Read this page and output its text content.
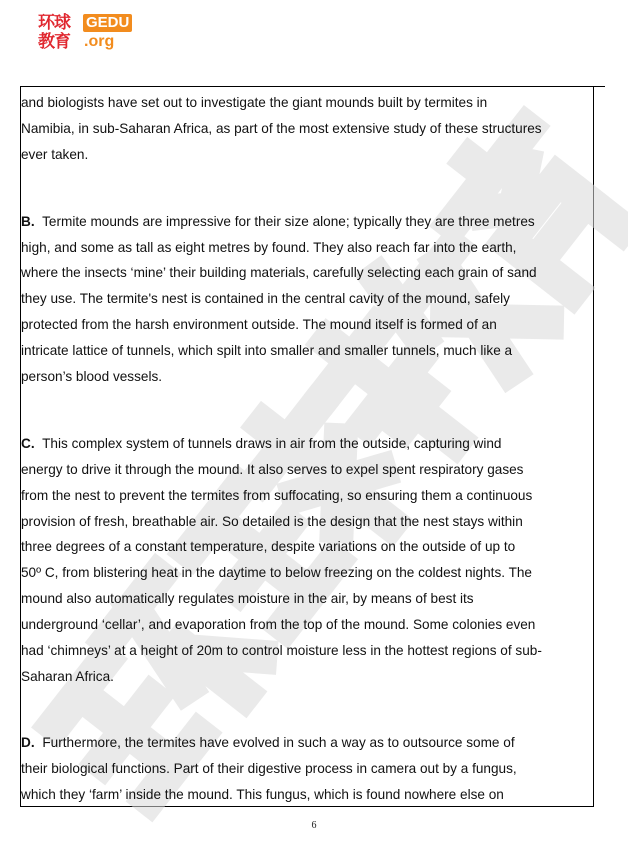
环球
教育
GEDU
.org
and biologists have set out to investigate the giant mounds built by termites in
Namibia, in sub-Saharan Africa, as part of the most extensive study of these structures
ever taken.
B. Termite mounds are impressive for their size alone; typically they are three metres
high, and some as tall as eight metres by found. They also reach far into the earth,
where the insects ‘mine’ their building materials, carefully selecting each grain of sand
they use. The termite's nest is contained in the central cavity of the mound, safely
protected from the harsh environment outside. The mound itself is formed of an
intricate lattice of tunnels, which spilt into smaller and smaller tunnels, much like a
person’s blood vessels.
C. This complex system of tunnels draws in air from the outside, capturing wind
energy to drive it through the mound. It also serves to expel spent respiratory gases
from the nest to prevent the termites from suffocating, so ensuring them a continuous
provision of fresh, breathable air. So detailed is the design that the nest stays within
three degrees of a constant temperature, despite variations on the outside of up to
50º C, from blistering heat in the daytime to below freezing on the coldest nights. The
mound also automatically regulates moisture in the air, by means of best its
underground ‘cellar’, and evaporation from the top of the mound. Some colonies even
had ‘chimneys’ at a height of 20m to control moisture less in the hottest regions of sub-
Saharan Africa.
D. Furthermore, the termites have evolved in such a way as to outsource some of
their biological functions. Part of their digestive process in camera out by a fungus,
which they ‘farm’ inside the mound. This fungus, which is found nowhere else on
6
